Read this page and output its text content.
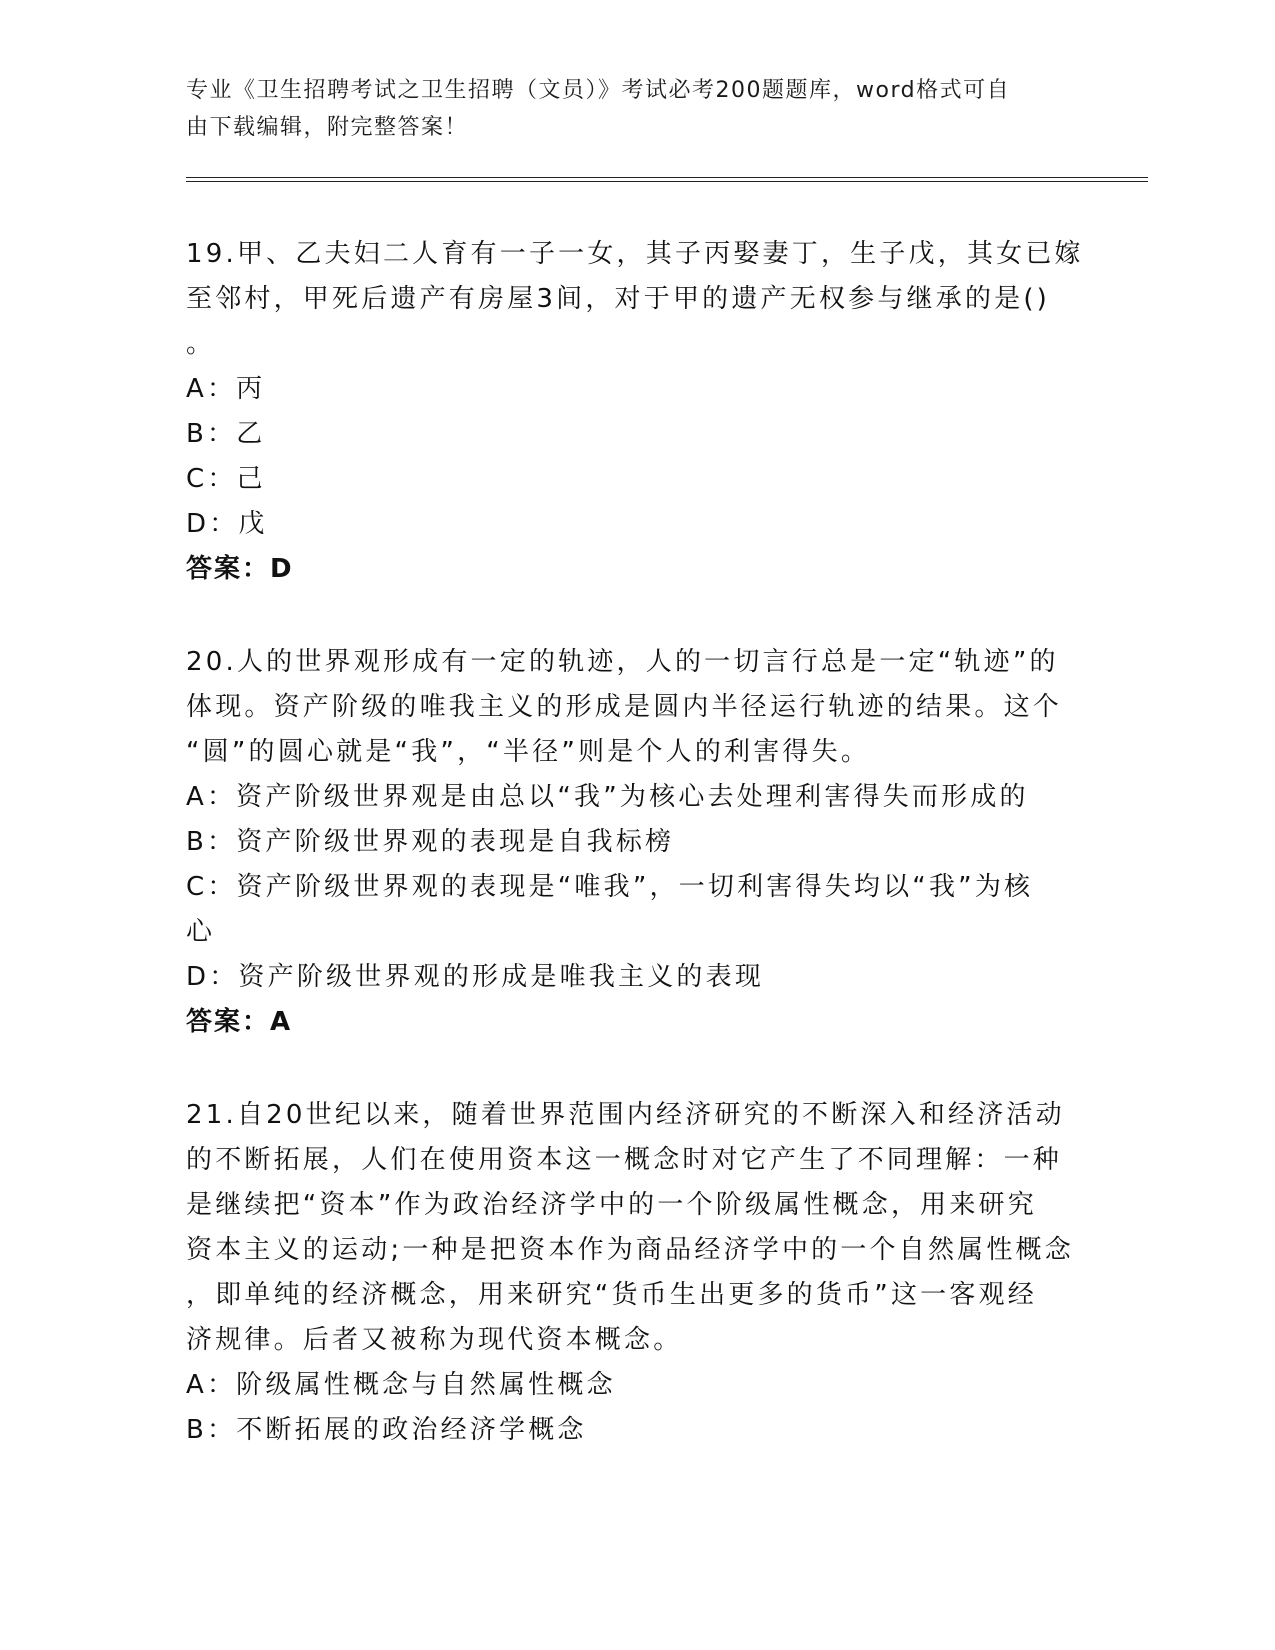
专业《卫生招聘考试之卫生招聘（文员）》考试必考200题题库，word格式可自
由下载编辑，附完整答案！

19.甲、乙夫妇二人育有一子一女，其子丙娶妻丁，生子戊，其女已嫁

至邻村，甲死后遗产有房屋3间，对于甲的遗产无权参与继承的是()

。

A：丙

B：乙

C：己

D：戊

答案：D

20.人的世界观形成有一定的轨迹，人的一切言行总是一定“轨迹”的

体现。资产阶级的唯我主义的形成是圆内半径运行轨迹的结果。这个

“圆”的圆心就是“我”，“半径”则是个人的利害得失。

A：资产阶级世界观是由总以“我”为核心去处理利害得失而形成的

B：资产阶级世界观的表现是自我标榜

C：资产阶级世界观的表现是“唯我”，一切利害得失均以“我”为核

心

D：资产阶级世界观的形成是唯我主义的表现

答案：A

21.自20世纪以来，随着世界范围内经济研究的不断深入和经济活动

的不断拓展，人们在使用资本这一概念时对它产生了不同理解：一种

是继续把“资本”作为政治经济学中的一个阶级属性概念，用来研究

资本主义的运动;一种是把资本作为商品经济学中的一个自然属性概念

，即单纯的经济概念，用来研究“货币生出更多的货币”这一客观经

济规律。后者又被称为现代资本概念。

A：阶级属性概念与自然属性概念

B：不断拓展的政治经济学概念
